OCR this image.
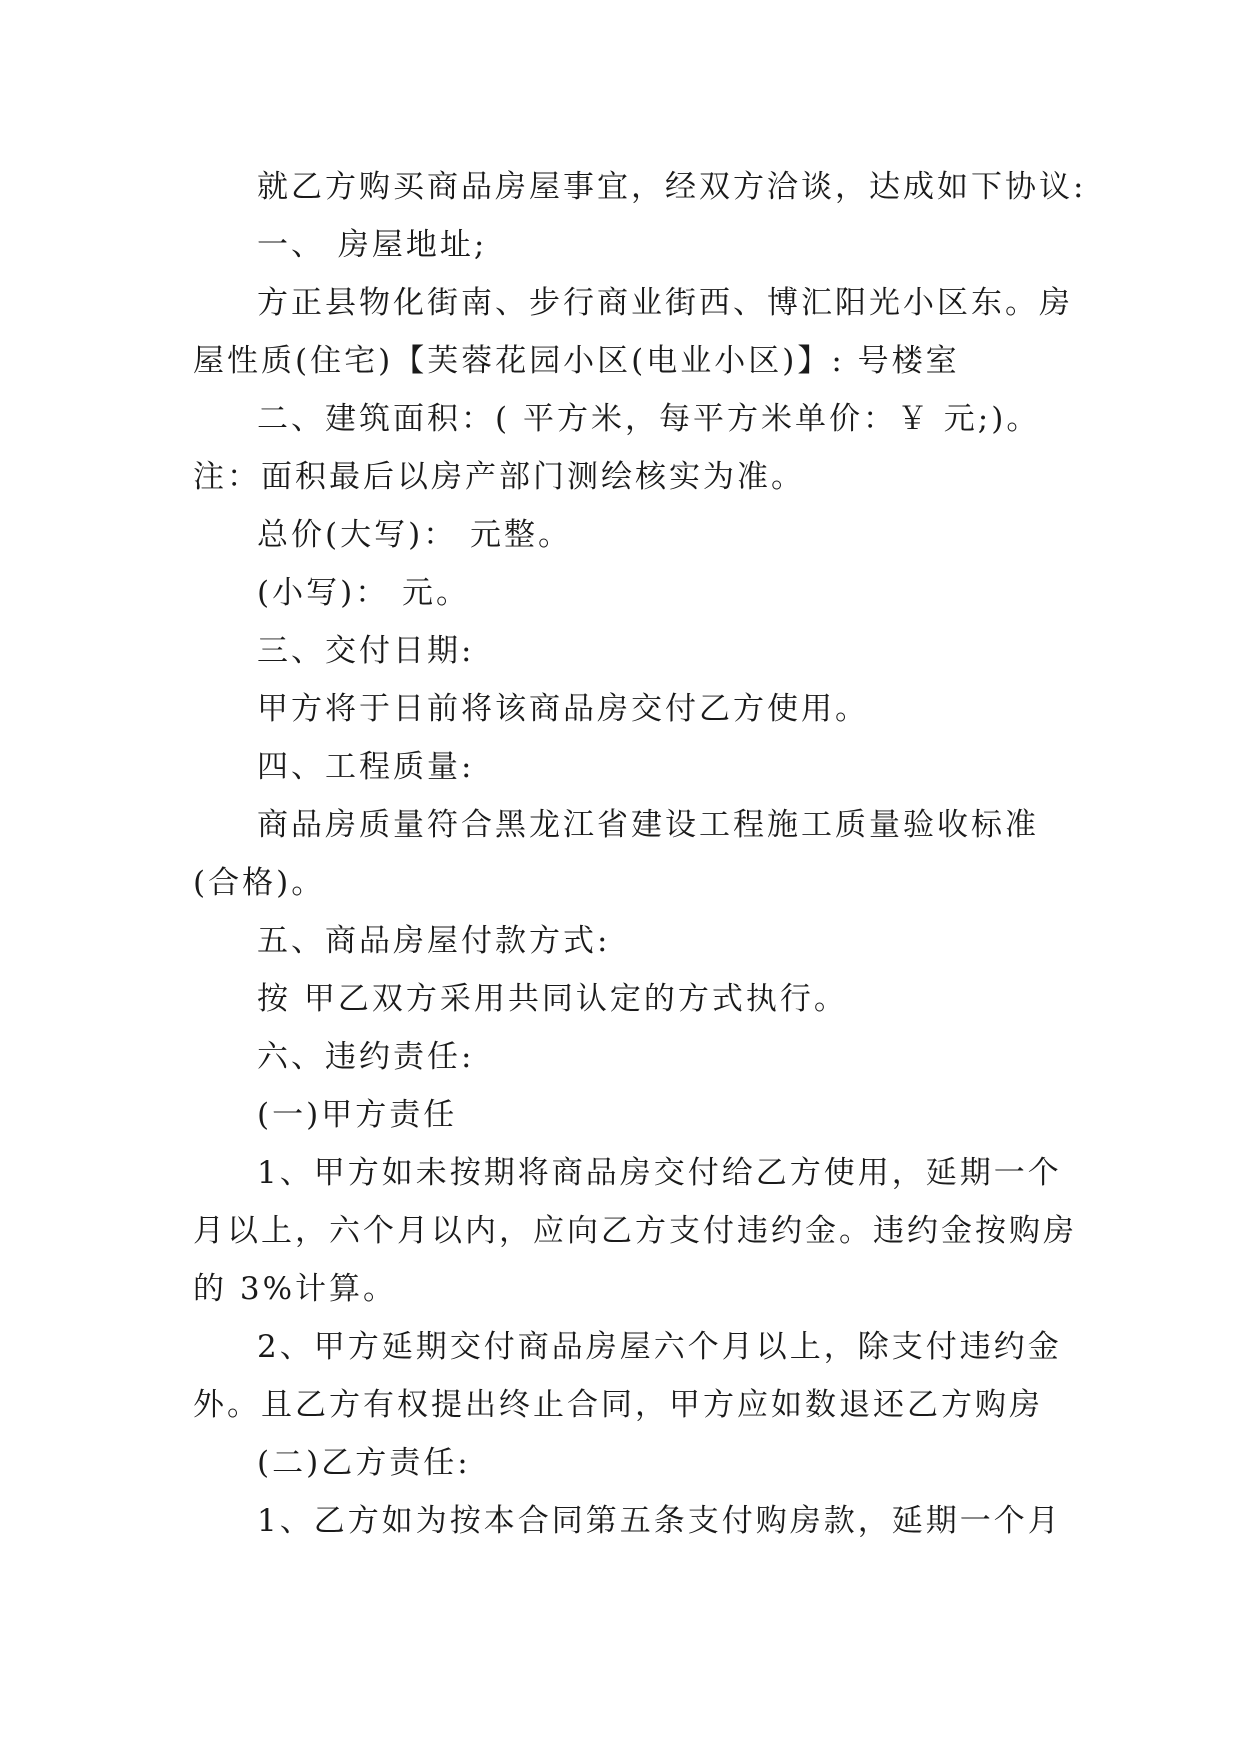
就乙方购买商品房屋事宜，经双方洽谈，达成如下协议:

一、 房屋地址;

方正县物化街南、步行商业街西、博汇阳光小区东。房

屋性质(住宅)【芙蓉花园小区(电业小区)】: 号楼室

二、建筑面积：( 平方米，每平方米单价：￥ 元;)。

注：面积最后以房产部门测绘核实为准。

总价(大写)： 元整。

(小写)： 元。

三、交付日期:

甲方将于日前将该商品房交付乙方使用。

四、工程质量:

商品房质量符合黑龙江省建设工程施工质量验收标准

(合格)。

五、商品房屋付款方式:

按 甲乙双方采用共同认定的方式执行。

六、违约责任:

(一)甲方责任

1、甲方如未按期将商品房交付给乙方使用，延期一个

月以上，六个月以内，应向乙方支付违约金。违约金按购房

的 3%计算。

2、甲方延期交付商品房屋六个月以上，除支付违约金

外。且乙方有权提出终止合同，甲方应如数退还乙方购房

(二)乙方责任:

1、乙方如为按本合同第五条支付购房款，延期一个月
